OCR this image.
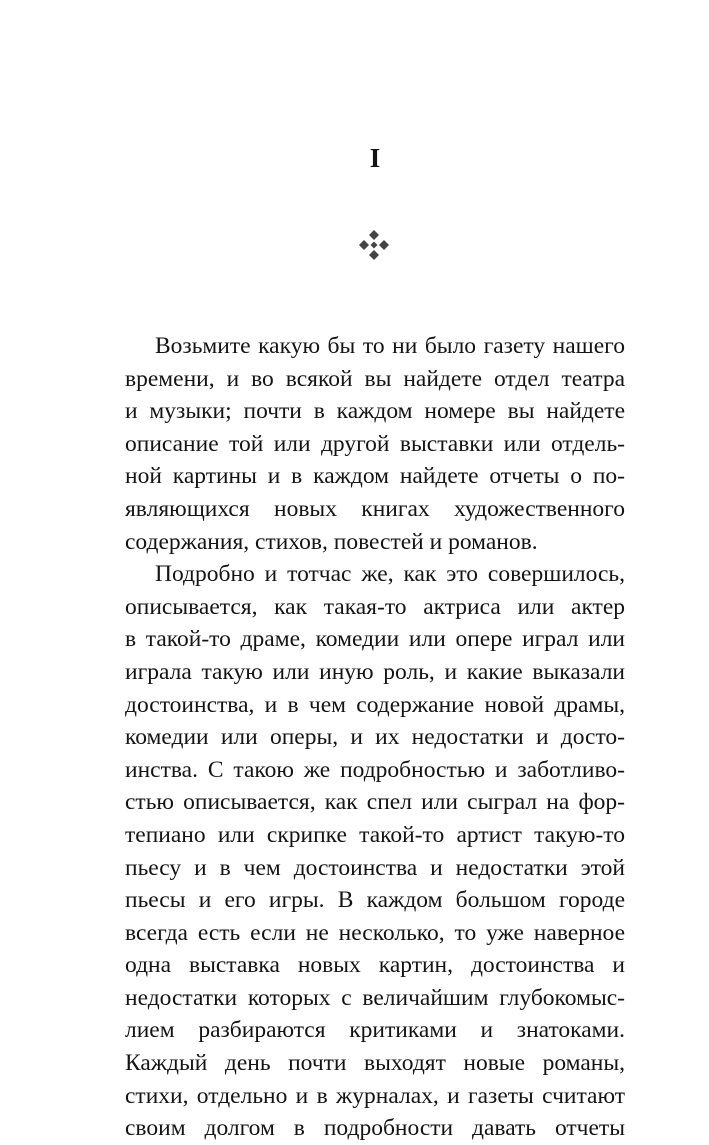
I
Возьмите какую бы то ни было газету нашего
времени, и во всякой вы найдете отдел театра
и музыки; почти в каждом номере вы найдете
описание той или другой выставки или отдель-
ной картины и в каждом найдете отчеты о по-
являющихся новых книгах художественного
содержания, стихов, повестей и романов.
Подробно и тотчас же, как это совершилось,
описывается, как такая-то актриса или актер
в такой-то драме, комедии или опере играл или
играла такую или иную роль, и какие выказали
достоинства, и в чем содержание новой драмы,
комедии или оперы, и их недостатки и досто-
инства. С такою же подробностью и заботливо-
стью описывается, как спел или сыграл на фор-
тепиано или скрипке такой-то артист такую-то
пьесу и в чем достоинства и недостатки этой
пьесы и его игры. В каждом большом городе
всегда есть если не несколько, то уже наверное
одна выставка новых картин, достоинства и
недостатки которых с величайшим глубокомыс-
лием разбираются критиками и знатоками.
Каждый день почти выходят новые романы,
стихи, отдельно и в журналах, и газеты считают
своим долгом в подробности давать отчеты
